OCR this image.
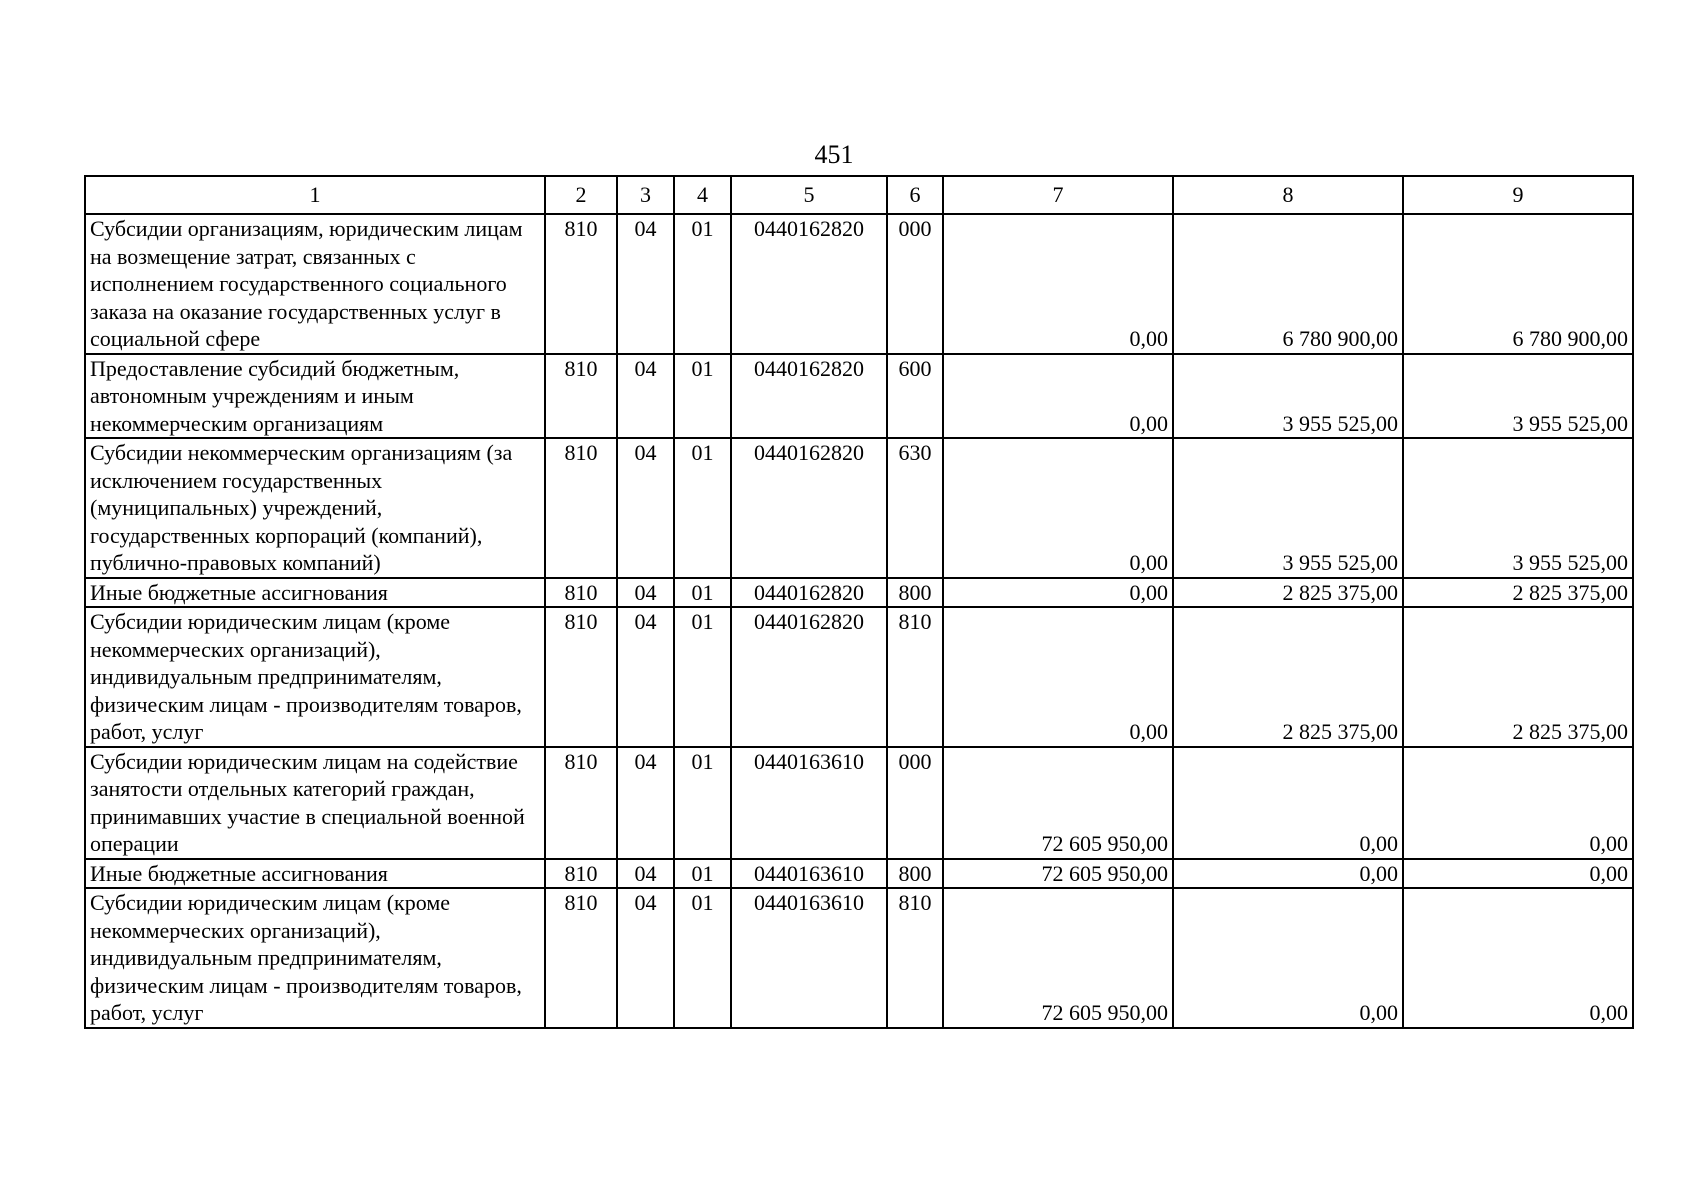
451
1	2	3	4	5	6	7	8	9
Субсидии организациям, юридическим лицам на возмещение затрат, связанных с исполнением государственного социального заказа на оказание государственных услуг в социальной сфере	810	04	01	0440162820	000	0,00	6 780 900,00	6 780 900,00
Предоставление субсидий бюджетным, автономным учреждениям и иным некоммерческим организациям	810	04	01	0440162820	600	0,00	3 955 525,00	3 955 525,00
Субсидии некоммерческим организациям (за исключением государственных (муниципальных) учреждений, государственных корпораций (компаний), публично-правовых компаний)	810	04	01	0440162820	630	0,00	3 955 525,00	3 955 525,00
Иные бюджетные ассигнования	810	04	01	0440162820	800	0,00	2 825 375,00	2 825 375,00
Субсидии юридическим лицам (кроме некоммерческих организаций), индивидуальным предпринимателям, физическим лицам - производителям товаров, работ, услуг	810	04	01	0440162820	810	0,00	2 825 375,00	2 825 375,00
Субсидии юридическим лицам на содействие занятости отдельных категорий граждан, принимавших участие в специальной военной операции	810	04	01	0440163610	000	72 605 950,00	0,00	0,00
Иные бюджетные ассигнования	810	04	01	0440163610	800	72 605 950,00	0,00	0,00
Субсидии юридическим лицам (кроме некоммерческих организаций), индивидуальным предпринимателям, физическим лицам - производителям товаров, работ, услуг	810	04	01	0440163610	810	72 605 950,00	0,00	0,00
